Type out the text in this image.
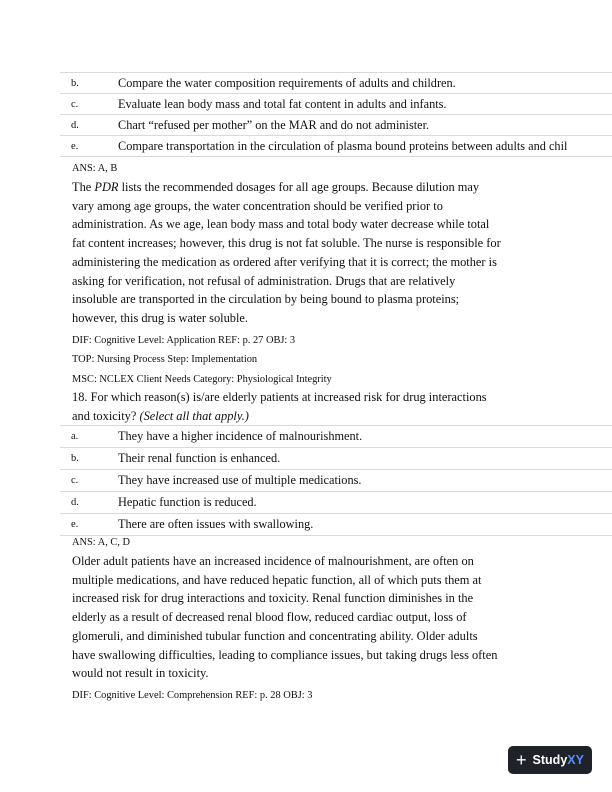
b.	Compare the water composition requirements of adults and children.
c.	Evaluate lean body mass and total fat content in adults and infants.
d.	Chart “refused per mother” on the MAR and do not administer.
e.	Compare transportation in the circulation of plasma bound proteins between adults and chil
ANS: A, B
The PDR lists the recommended dosages for all age groups. Because dilution may
vary among age groups, the water concentration should be verified prior to
administration. As we age, lean body mass and total body water decrease while total
fat content increases; however, this drug is not fat soluble. The nurse is responsible for
administering the medication as ordered after verifying that it is correct; the mother is
asking for verification, not refusal of administration. Drugs that are relatively
insoluble are transported in the circulation by being bound to plasma proteins;
however, this drug is water soluble.
DIF: Cognitive Level: Application REF: p. 27 OBJ: 3
TOP: Nursing Process Step: Implementation
MSC: NCLEX Client Needs Category: Physiological Integrity
18. For which reason(s) is/are elderly patients at increased risk for drug interactions
and toxicity? (Select all that apply.)
a.	They have a higher incidence of malnourishment.
b.	Their renal function is enhanced.
c.	They have increased use of multiple medications.
d.	Hepatic function is reduced.
e.	There are often issues with swallowing.
ANS: A, C, D
Older adult patients have an increased incidence of malnourishment, are often on
multiple medications, and have reduced hepatic function, all of which puts them at
increased risk for drug interactions and toxicity. Renal function diminishes in the
elderly as a result of decreased renal blood flow, reduced cardiac output, loss of
glomeruli, and diminished tubular function and concentrating ability. Older adults
have swallowing difficulties, leading to compliance issues, but taking drugs less often
would not result in toxicity.
DIF: Cognitive Level: Comprehension REF: p. 28 OBJ: 3
+ StudyXY
